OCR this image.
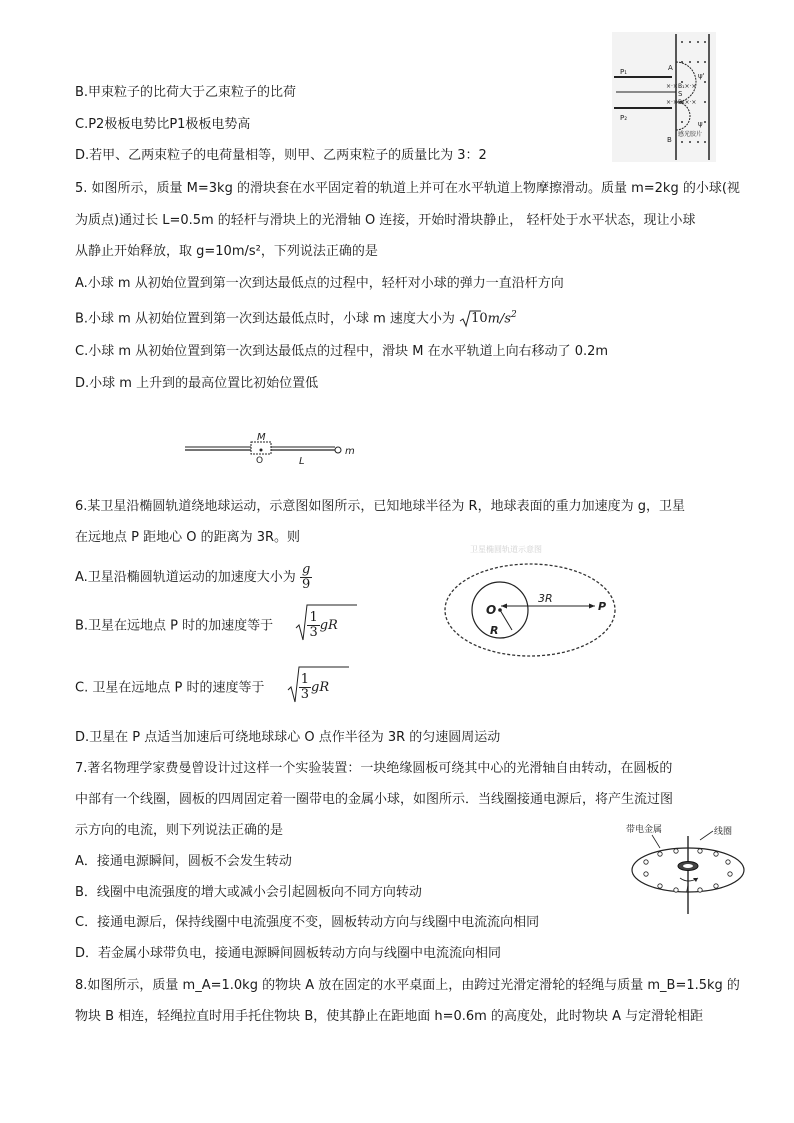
B.甲束粒子的比荷大于乙束粒子的比荷
C.P2极板电势比P1极板电势高
D.若甲、乙两束粒子的电荷量相等，则甲、乙两束粒子的质量比为 3：2
P₁
P₂
A
B
S
×·×B₁×·×
×·×B₂×·×
ψ'
ψ
感光胶片
5. 如图所示，质量 M=3kg 的滑块套在水平固定着的轨道上并可在水平轨道上物摩擦滑动。质量 m=2kg 的小球(视
为质点)通过长 L=0.5m 的轻杆与滑块上的光滑轴 O 连接，开始时滑块静止， 轻杆处于水平状态，现让小球
从静止开始释放，取 g=10m/s²，下列说法正确的是
A.小球 m 从初始位置到第一次到达最低点的过程中，轻杆对小球的弹力一直沿杆方向
B.小球 m 从初始位置到第一次到达最低点时，小球 m 速度大小为 $10m/s^2$
C.小球 m 从初始位置到第一次到达最低点的过程中，滑块 M 在水平轨道上向右移动了 0.2m
D.小球 m 上升到的最高位置比初始位置低
M
O	L
m
6.某卫星沿椭圆轨道绕地球运动，示意图如图所示，已知地球半径为 R，地球表面的重力加速度为 g，卫星
在远地点 P 距地心 O 的距离为 3R。则
A.卫星沿椭圆轨道运动的加速度大小为 $\frac{g}{9}$
B.卫星在远地点 P 时的加速度等于	$\frac{1}{3}$ gR
C. 卫星在远地点 P 时的速度等于	$\frac{1}{3}$ gR
D.卫星在 P 点适当加速后可绕地球球心 O 点作半径为 3R 的匀速圆周运动
卫星椭圆轨道示意图
O
R
3R
P
7.著名物理学家费曼曾设计过这样一个实验装置：一块绝缘圆板可绕其中心的光滑轴自由转动，在圆板的
中部有一个线圈，圆板的四周固定着一圈带电的金属小球，如图所示．当线圈接通电源后，将产生流过图
示方向的电流，则下列说法正确的是
A．接通电源瞬间，圆板不会发生转动
B．线圈中电流强度的增大或减小会引起圆板向不同方向转动
C．接通电源后，保持线圈中电流强度不变，圆板转动方向与线圈中电流流向相同
D．若金属小球带负电，接通电源瞬间圆板转动方向与线圈中电流流向相同
带电金属	线圈
I
8.如图所示，质量 m_A=1.0kg 的物块 A 放在固定的水平桌面上，由跨过光滑定滑轮的轻绳与质量 m_B=1.5kg 的
物块 B 相连，轻绳拉直时用手托住物块 B，使其静止在距地面 h=0.6m 的高度处，此时物块 A 与定滑轮相距
